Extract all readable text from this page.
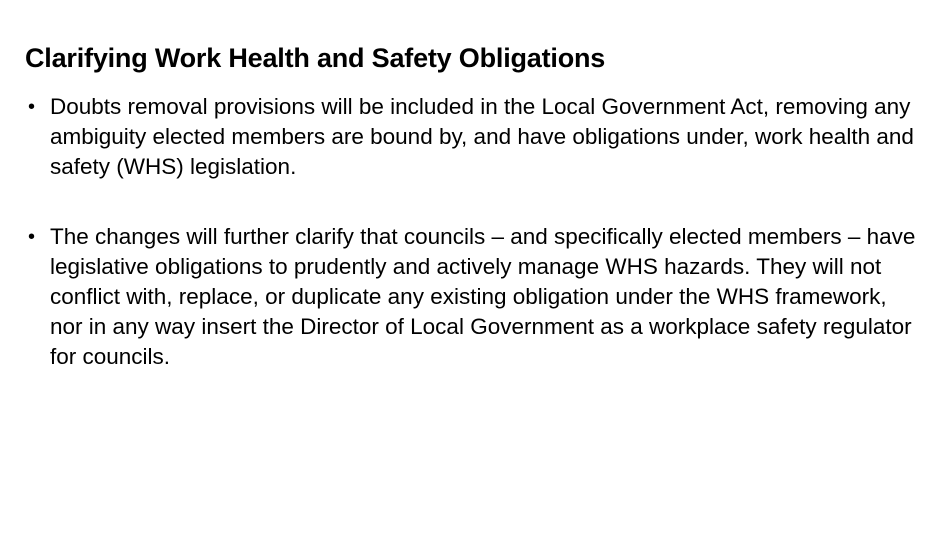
Clarifying Work Health and Safety Obligations
• Doubts removal provisions will be included in the Local Government Act, removing any ambiguity elected members are bound by, and have obligations under, work health and safety (WHS) legislation.
• The changes will further clarify that councils – and specifically elected members – have legislative obligations to prudently and actively manage WHS hazards. They will not conflict with, replace, or duplicate any existing obligation under the WHS framework, nor in any way insert the Director of Local Government as a workplace safety regulator for councils.
